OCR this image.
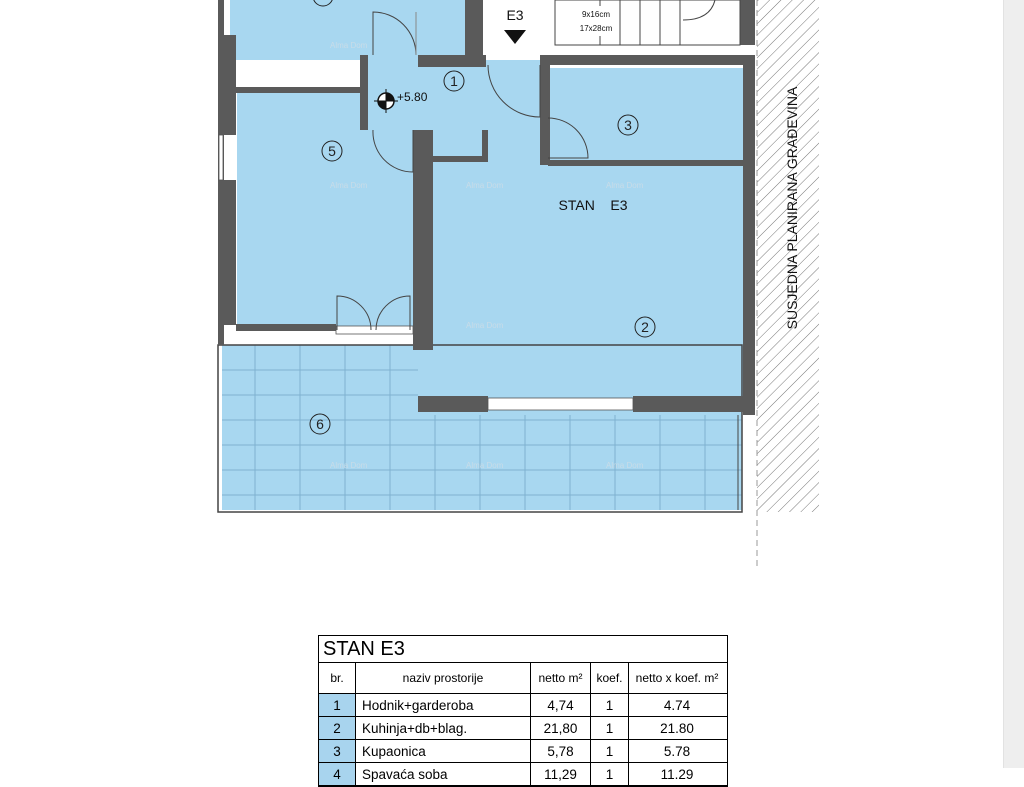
Alma Dom
Alma Dom	Alma Dom	Alma Dom
Alma Dom
Alma Dom	Alma Dom	Alma Dom
1
2
3
5
6
E3	9x16cm
17x28cm
+5.80
STAN    E3	SUSJEDNA PLANIRANA GRAĐEVINA
STAN E3
br.	naziv prostorije	netto m²	koef.	netto x koef. m²
1	Hodnik+garderoba	4,74	1	4.74
2	Kuhinja+db+blag.	21,80	1	21.80
3	Kupaonica	5,78	1	5.78
4	Spavaća soba	11,29	1	11.29
